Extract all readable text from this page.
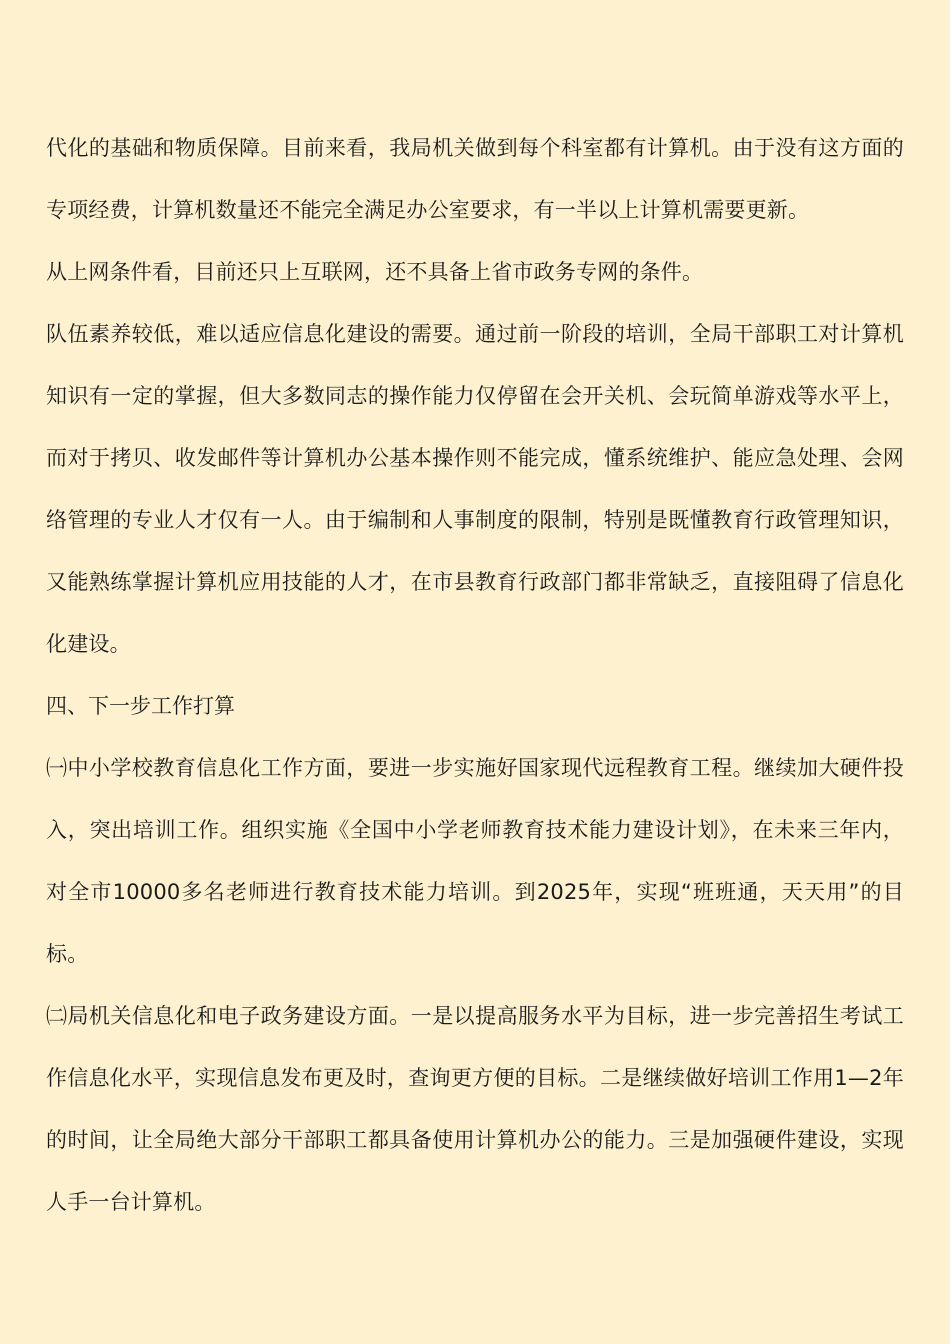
代化的基础和物质保障。目前来看，我局机关做到每个科室都有计算机。由于没有这方面的专项经费，计算机数量还不能完全满足办公室要求，有一半以上计算机需要更新。

从上网条件看，目前还只上互联网，还不具备上省市政务专网的条件。

队伍素养较低，难以适应信息化建设的需要。通过前一阶段的培训，全局干部职工对计算机知识有一定的掌握，但大多数同志的操作能力仅停留在会开关机、会玩简单游戏等水平上，而对于拷贝、收发邮件等计算机办公基本操作则不能完成，懂系统维护、能应急处理、会网络管理的专业人才仅有一人。由于编制和人事制度的限制，特别是既懂教育行政管理知识，又能熟练掌握计算机应用技能的人才，在市县教育行政部门都非常缺乏，直接阻碍了信息化化建设。

四、下一步工作打算

㈠中小学校教育信息化工作方面，要进一步实施好国家现代远程教育工程。继续加大硬件投入，突出培训工作。组织实施《全国中小学老师教育技术能力建设计划》，在未来三年内，对全市10000多名老师进行教育技术能力培训。到2025年，实现“班班通，天天用”的目标。

㈡局机关信息化和电子政务建设方面。一是以提高服务水平为目标，进一步完善招生考试工作信息化水平，实现信息发布更及时，查询更方便的目标。二是继续做好培训工作用1—2年的时间，让全局绝大部分干部职工都具备使用计算机办公的能力。三是加强硬件建设，实现人手一台计算机。
